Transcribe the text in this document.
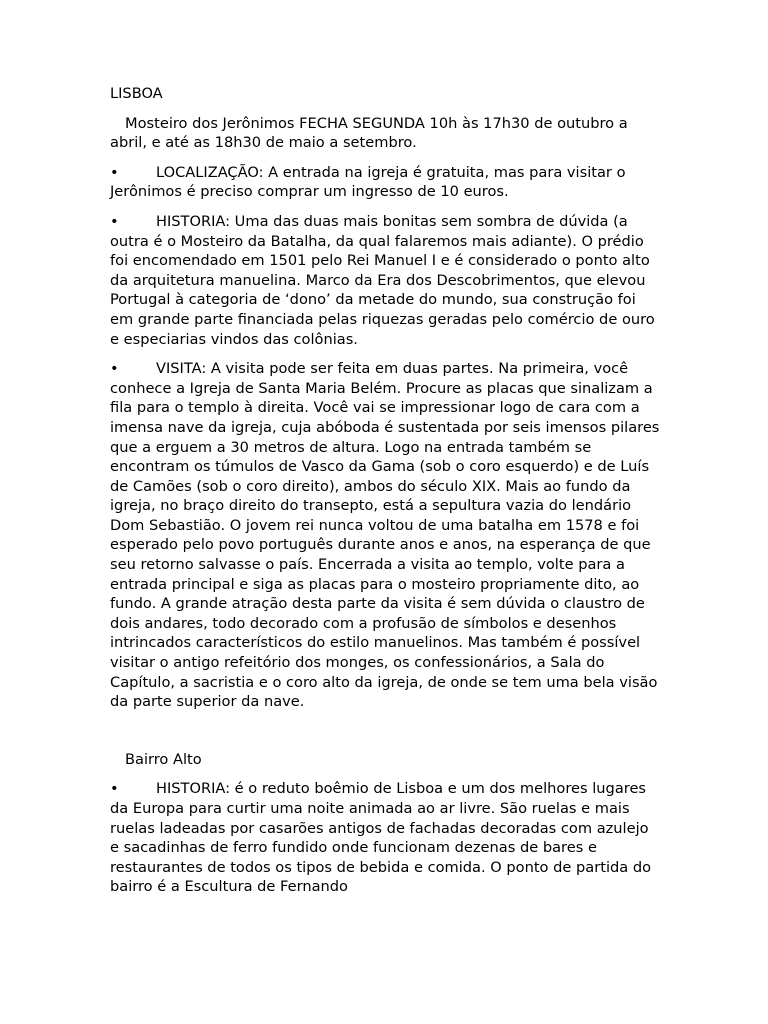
LISBOA

Mosteiro dos Jerônimos FECHA SEGUNDA 10h às 17h30 de outubro a abril, e até as 18h30 de maio a setembro.

•	LOCALIZAÇÃO: A entrada na igreja é gratuita, mas para visitar o Jerônimos é preciso comprar um ingresso de 10 euros.

•	HISTORIA: Uma das duas mais bonitas sem sombra de dúvida (a outra é o Mosteiro da Batalha, da qual falaremos mais adiante). O prédio foi encomendado em 1501 pelo Rei Manuel I e é considerado o ponto alto da arquitetura manuelina. Marco da Era dos Descobrimentos, que elevou Portugal à categoria de ‘dono’ da metade do mundo, sua construção foi em grande parte financiada pelas riquezas geradas pelo comércio de ouro e especiarias vindos das colônias.

•	VISITA: A visita pode ser feita em duas partes. Na primeira, você conhece a Igreja de Santa Maria Belém. Procure as placas que sinalizam a fila para o templo à direita. Você vai se impressionar logo de cara com a imensa nave da igreja, cuja abóboda é sustentada por seis imensos pilares que a erguem a 30 metros de altura. Logo na entrada também se encontram os túmulos de Vasco da Gama (sob o coro esquerdo) e de Luís de Camões (sob o coro direito), ambos do século XIX. Mais ao fundo da igreja, no braço direito do transepto, está a sepultura vazia do lendário Dom Sebastião. O jovem rei nunca voltou de uma batalha em 1578 e foi esperado pelo povo português durante anos e anos, na esperança de que seu retorno salvasse o país. Encerrada a visita ao templo, volte para a entrada principal e siga as placas para o mosteiro propriamente dito, ao fundo. A grande atração desta parte da visita é sem dúvida o claustro de dois andares, todo decorado com a profusão de símbolos e desenhos intrincados característicos do estilo manuelinos. Mas também é possível visitar o antigo refeitório dos monges, os confessionários, a Sala do Capítulo, a sacristia e o coro alto da igreja, de onde se tem uma bela visão da parte superior da nave.

Bairro Alto

•	HISTORIA: é o reduto boêmio de Lisboa e um dos melhores lugares da Europa para curtir uma noite animada ao ar livre. São ruelas e mais ruelas ladeadas por casarões antigos de fachadas decoradas com azulejo e sacadinhas de ferro fundido onde funcionam dezenas de bares e restaurantes de todos os tipos de bebida e comida. O ponto de partida do bairro é a Escultura de Fernando
